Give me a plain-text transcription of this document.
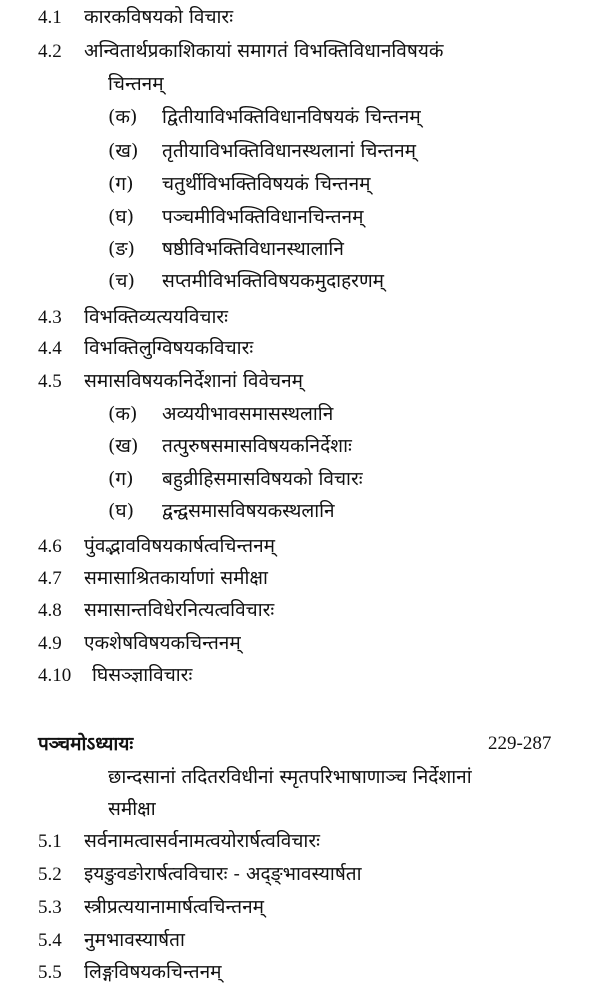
4.1 कारकविषयको विचारः
4.2 अन्वितार्थप्रकाशिकायां समागतं विभक्तिविधानविषयकं
चिन्तनम्
(क) द्वितीयाविभक्तिविधानविषयकं चिन्तनम्
(ख) तृतीयाविभक्तिविधानस्थलानां चिन्तनम्
(ग) चतुर्थीविभक्तिविषयकं चिन्तनम्
(घ) पञ्चमीविभक्तिविधानचिन्तनम्
(ङ) षष्ठीविभक्तिविधानस्थालानि
(च) सप्तमीविभक्तिविषयकमुदाहरणम्
4.3 विभक्तिव्यत्ययविचारः
4.4 विभक्तिलुग्विषयकविचारः
4.5 समासविषयकनिर्देशानां विवेचनम्
(क) अव्ययीभावसमासस्थलानि
(ख) तत्पुरुषसमासविषयकनिर्देशाः
(ग) बहुव्रीहिसमासविषयको विचारः
(घ) द्वन्द्वसमासविषयकस्थलानि
4.6 पुंवद्भावविषयकार्षत्वचिन्तनम्
4.7 समासाश्रितकार्याणां समीक्षा
4.8 समासान्तविधेरनित्यत्वविचारः
4.9 एकशेषविषयकचिन्तनम्
4.10 घिसञ्ज्ञाविचारः
पञ्चमोऽध्यायः	229-287
छान्दसानां तदितरविधीनां स्मृतपरिभाषाणाञ्च निर्देशानां
समीक्षा
5.1 सर्वनामत्वासर्वनामत्वयोरार्षत्वविचारः
5.2 इयङुवङोरार्षत्वविचारः - अद्ङ्भावस्यार्षता
5.3 स्त्रीप्रत्ययानामार्षत्वचिन्तनम्
5.4 नुमभावस्यार्षता
5.5 लिङ्गविषयकचिन्तनम्
